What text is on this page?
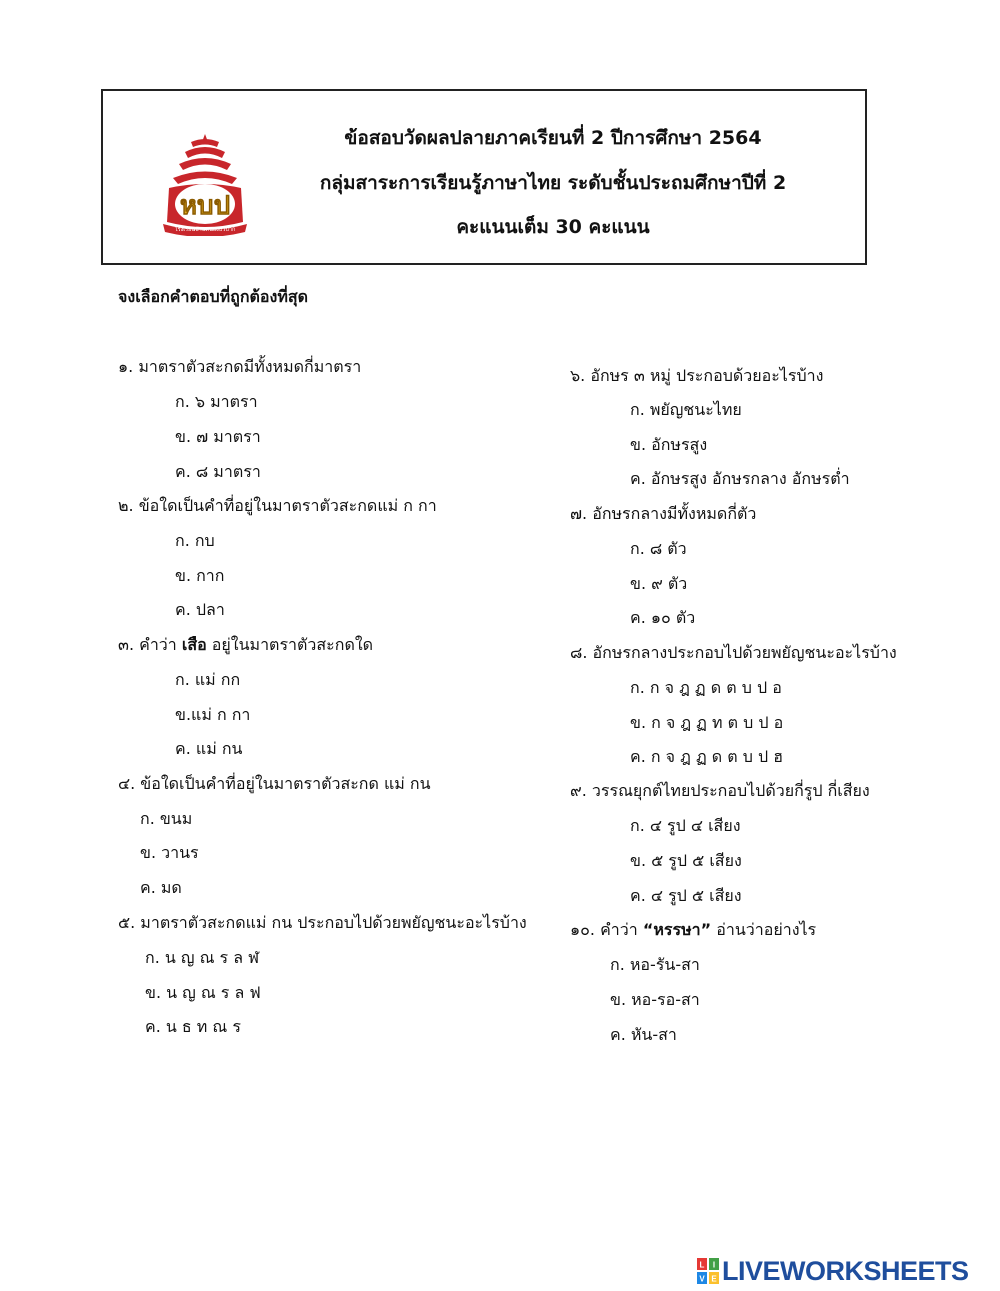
หบป
โรงเรียนบ้านหนองบัวปาก
ข้อสอบวัดผลปลายภาคเรียนที่ 2 ปีการศึกษา 2564
กลุ่มสาระการเรียนรู้ภาษาไทย ระดับชั้นประถมศึกษาปีที่ 2
คะแนนเต็ม 30 คะแนน
จงเลือกคำตอบที่ถูกต้องที่สุด
๑. มาตราตัวสะกดมีทั้งหมดกี่มาตรา
ก. ๖ มาตรา
ข. ๗ มาตรา
ค. ๘ มาตรา
๒. ข้อใดเป็นคำที่อยู่ในมาตราตัวสะกดแม่ ก กา
ก. กบ
ข. กาก
ค. ปลา
๓. คำว่า เสือ อยู่ในมาตราตัวสะกดใด
ก. แม่ กก
ข.แม่ ก กา
ค. แม่ กน
๔. ข้อใดเป็นคำที่อยู่ในมาตราตัวสะกด แม่ กน
ก. ขนม
ข. วานร
ค. มด
๕. มาตราตัวสะกดแม่ กน ประกอบไปด้วยพยัญชนะอะไรบ้าง
ก. น ญ ณ ร ล ฬ
ข. น ญ ณ ร ล ฟ
ค. น ธ ท ณ ร
๖. อักษร ๓ หมู่ ประกอบด้วยอะไรบ้าง
ก. พยัญชนะไทย
ข. อักษรสูง
ค. อักษรสูง อักษรกลาง อักษรต่ำ
๗. อักษรกลางมีทั้งหมดกี่ตัว
ก. ๘ ตัว
ข. ๙ ตัว
ค. ๑๐ ตัว
๘. อักษรกลางประกอบไปด้วยพยัญชนะอะไรบ้าง
ก. ก จ ฎ ฏ ด ต บ ป อ
ข. ก จ ฎ ฏ ท ต บ ป อ
ค. ก จ ฎ ฏ ด ต บ ป ฮ
๙. วรรณยุกต์ไทยประกอบไปด้วยกี่รูป กี่เสียง
ก. ๔ รูป ๔ เสียง
ข. ๕ รูป ๕ เสียง
ค. ๔ รูป ๕ เสียง
๑๐. คำว่า “หรรษา” อ่านว่าอย่างไร
ก. หอ-รัน-สา
ข. หอ-รอ-สา
ค. หัน-สา
L I
V E LIVEWORKSHEETS
